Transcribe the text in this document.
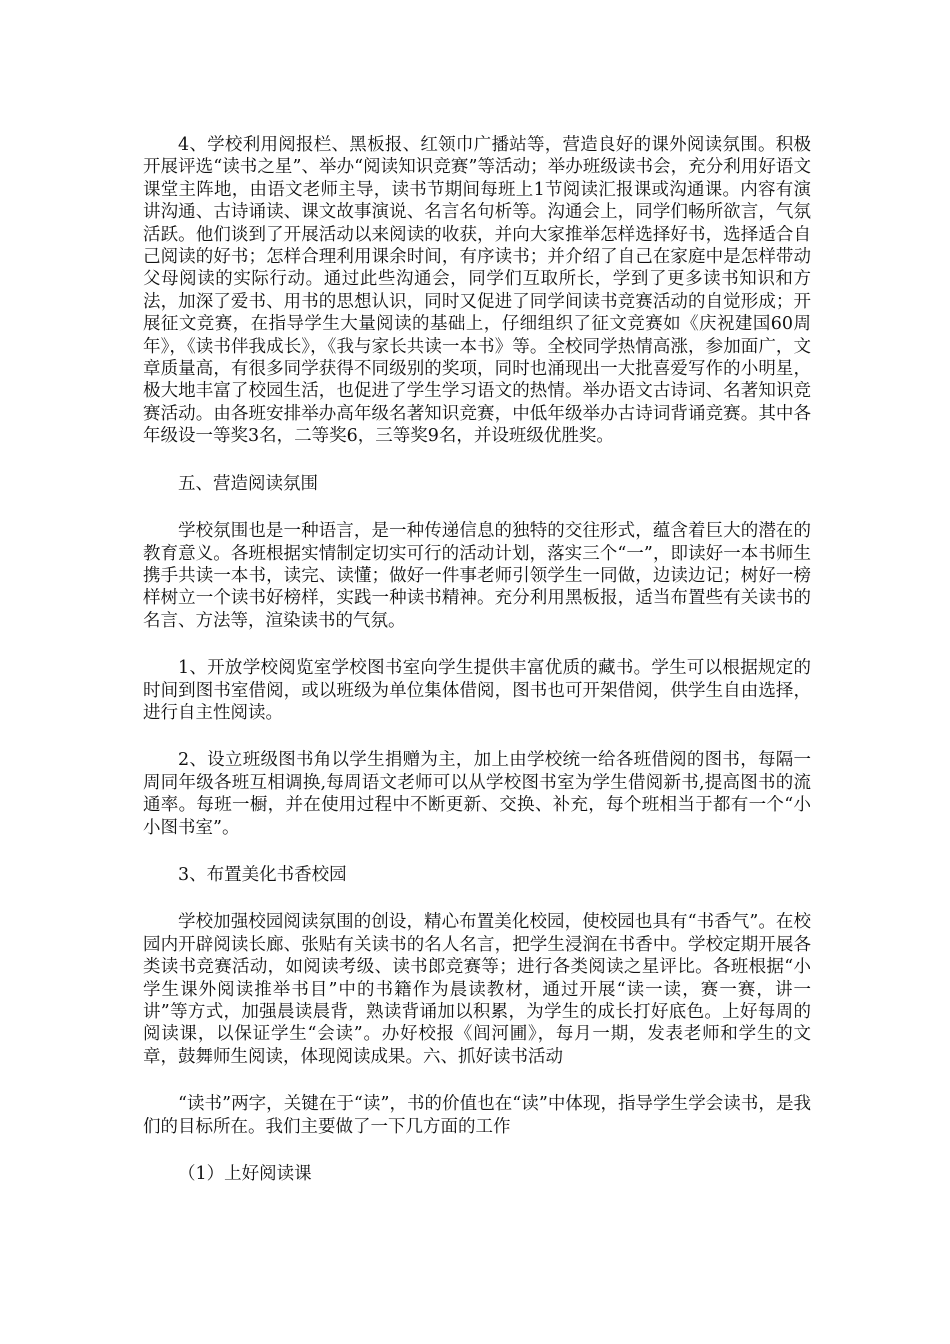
4、学校利用阅报栏、黑板报、红领巾广播站等，营造良好的课外阅读氛围。积极开展评选“读书之星”、举办“阅读知识竞赛”等活动；举办班级读书会，充分利用好语文课堂主阵地，由语文老师主导，读书节期间每班上1节阅读汇报课或沟通课。内容有演讲沟通、古诗诵读、课文故事演说、名言名句析等。沟通会上，同学们畅所欲言，气氛活跃。他们谈到了开展活动以来阅读的收获，并向大家推举怎样选择好书，选择适合自己阅读的好书；怎样合理利用课余时间，有序读书；并介绍了自己在家庭中是怎样带动父母阅读的实际行动。通过此些沟通会，同学们互取所长，学到了更多读书知识和方法，加深了爱书、用书的思想认识，同时又促进了同学间读书竞赛活动的自觉形成；开展征文竞赛，在指导学生大量阅读的基础上，仔细组织了征文竞赛如《庆祝建国60周年》，《读书伴我成长》，《我与家长共读一本书》等。全校同学热情高涨，参加面广，文章质量高，有很多同学获得不同级别的奖项，同时也涌现出一大批喜爱写作的小明星，极大地丰富了校园生活，也促进了学生学习语文的热情。举办语文古诗词、名著知识竞赛活动。由各班安排举办高年级名著知识竞赛，中低年级举办古诗词背诵竞赛。其中各年级设一等奖3名，二等奖6，三等奖9名，并设班级优胜奖。

五、营造阅读氛围

学校氛围也是一种语言，是一种传递信息的独特的交往形式，蕴含着巨大的潜在的教育意义。各班根据实情制定切实可行的活动计划，落实三个“一”，即读好一本书师生携手共读一本书，读完、读懂；做好一件事老师引领学生一同做，边读边记；树好一榜样树立一个读书好榜样，实践一种读书精神。充分利用黑板报，适当布置些有关读书的名言、方法等，渲染读书的气氛。

1、开放学校阅览室学校图书室向学生提供丰富优质的藏书。学生可以根据规定的时间到图书室借阅，或以班级为单位集体借阅，图书也可开架借阅，供学生自由选择，进行自主性阅读。

2、设立班级图书角以学生捐赠为主，加上由学校统一给各班借阅的图书，每隔一周同年级各班互相调换,每周语文老师可以从学校图书室为学生借阅新书,提高图书的流通率。每班一橱，并在使用过程中不断更新、交换、补充，每个班相当于都有一个“小小图书室”。

3、布置美化书香校园

学校加强校园阅读氛围的创设，精心布置美化校园，使校园也具有“书香气”。在校园内开辟阅读长廊、张贴有关读书的名人名言，把学生浸润在书香中。学校定期开展各类读书竞赛活动，如阅读考级、读书郎竞赛等；进行各类阅读之星评比。各班根据“小学生课外阅读推举书目”中的书籍作为晨读教材，通过开展“读一读，赛一赛，讲一讲”等方式，加强晨读晨背，熟读背诵加以积累，为学生的成长打好底色。上好每周的阅读课，以保证学生“会读”。办好校报《闾河圃》，每月一期，发表老师和学生的文章，鼓舞师生阅读，体现阅读成果。六、抓好读书活动

“读书”两字，关键在于“读”，书的价值也在“读”中体现，指导学生学会读书，是我们的目标所在。我们主要做了一下几方面的工作

（1）上好阅读课
